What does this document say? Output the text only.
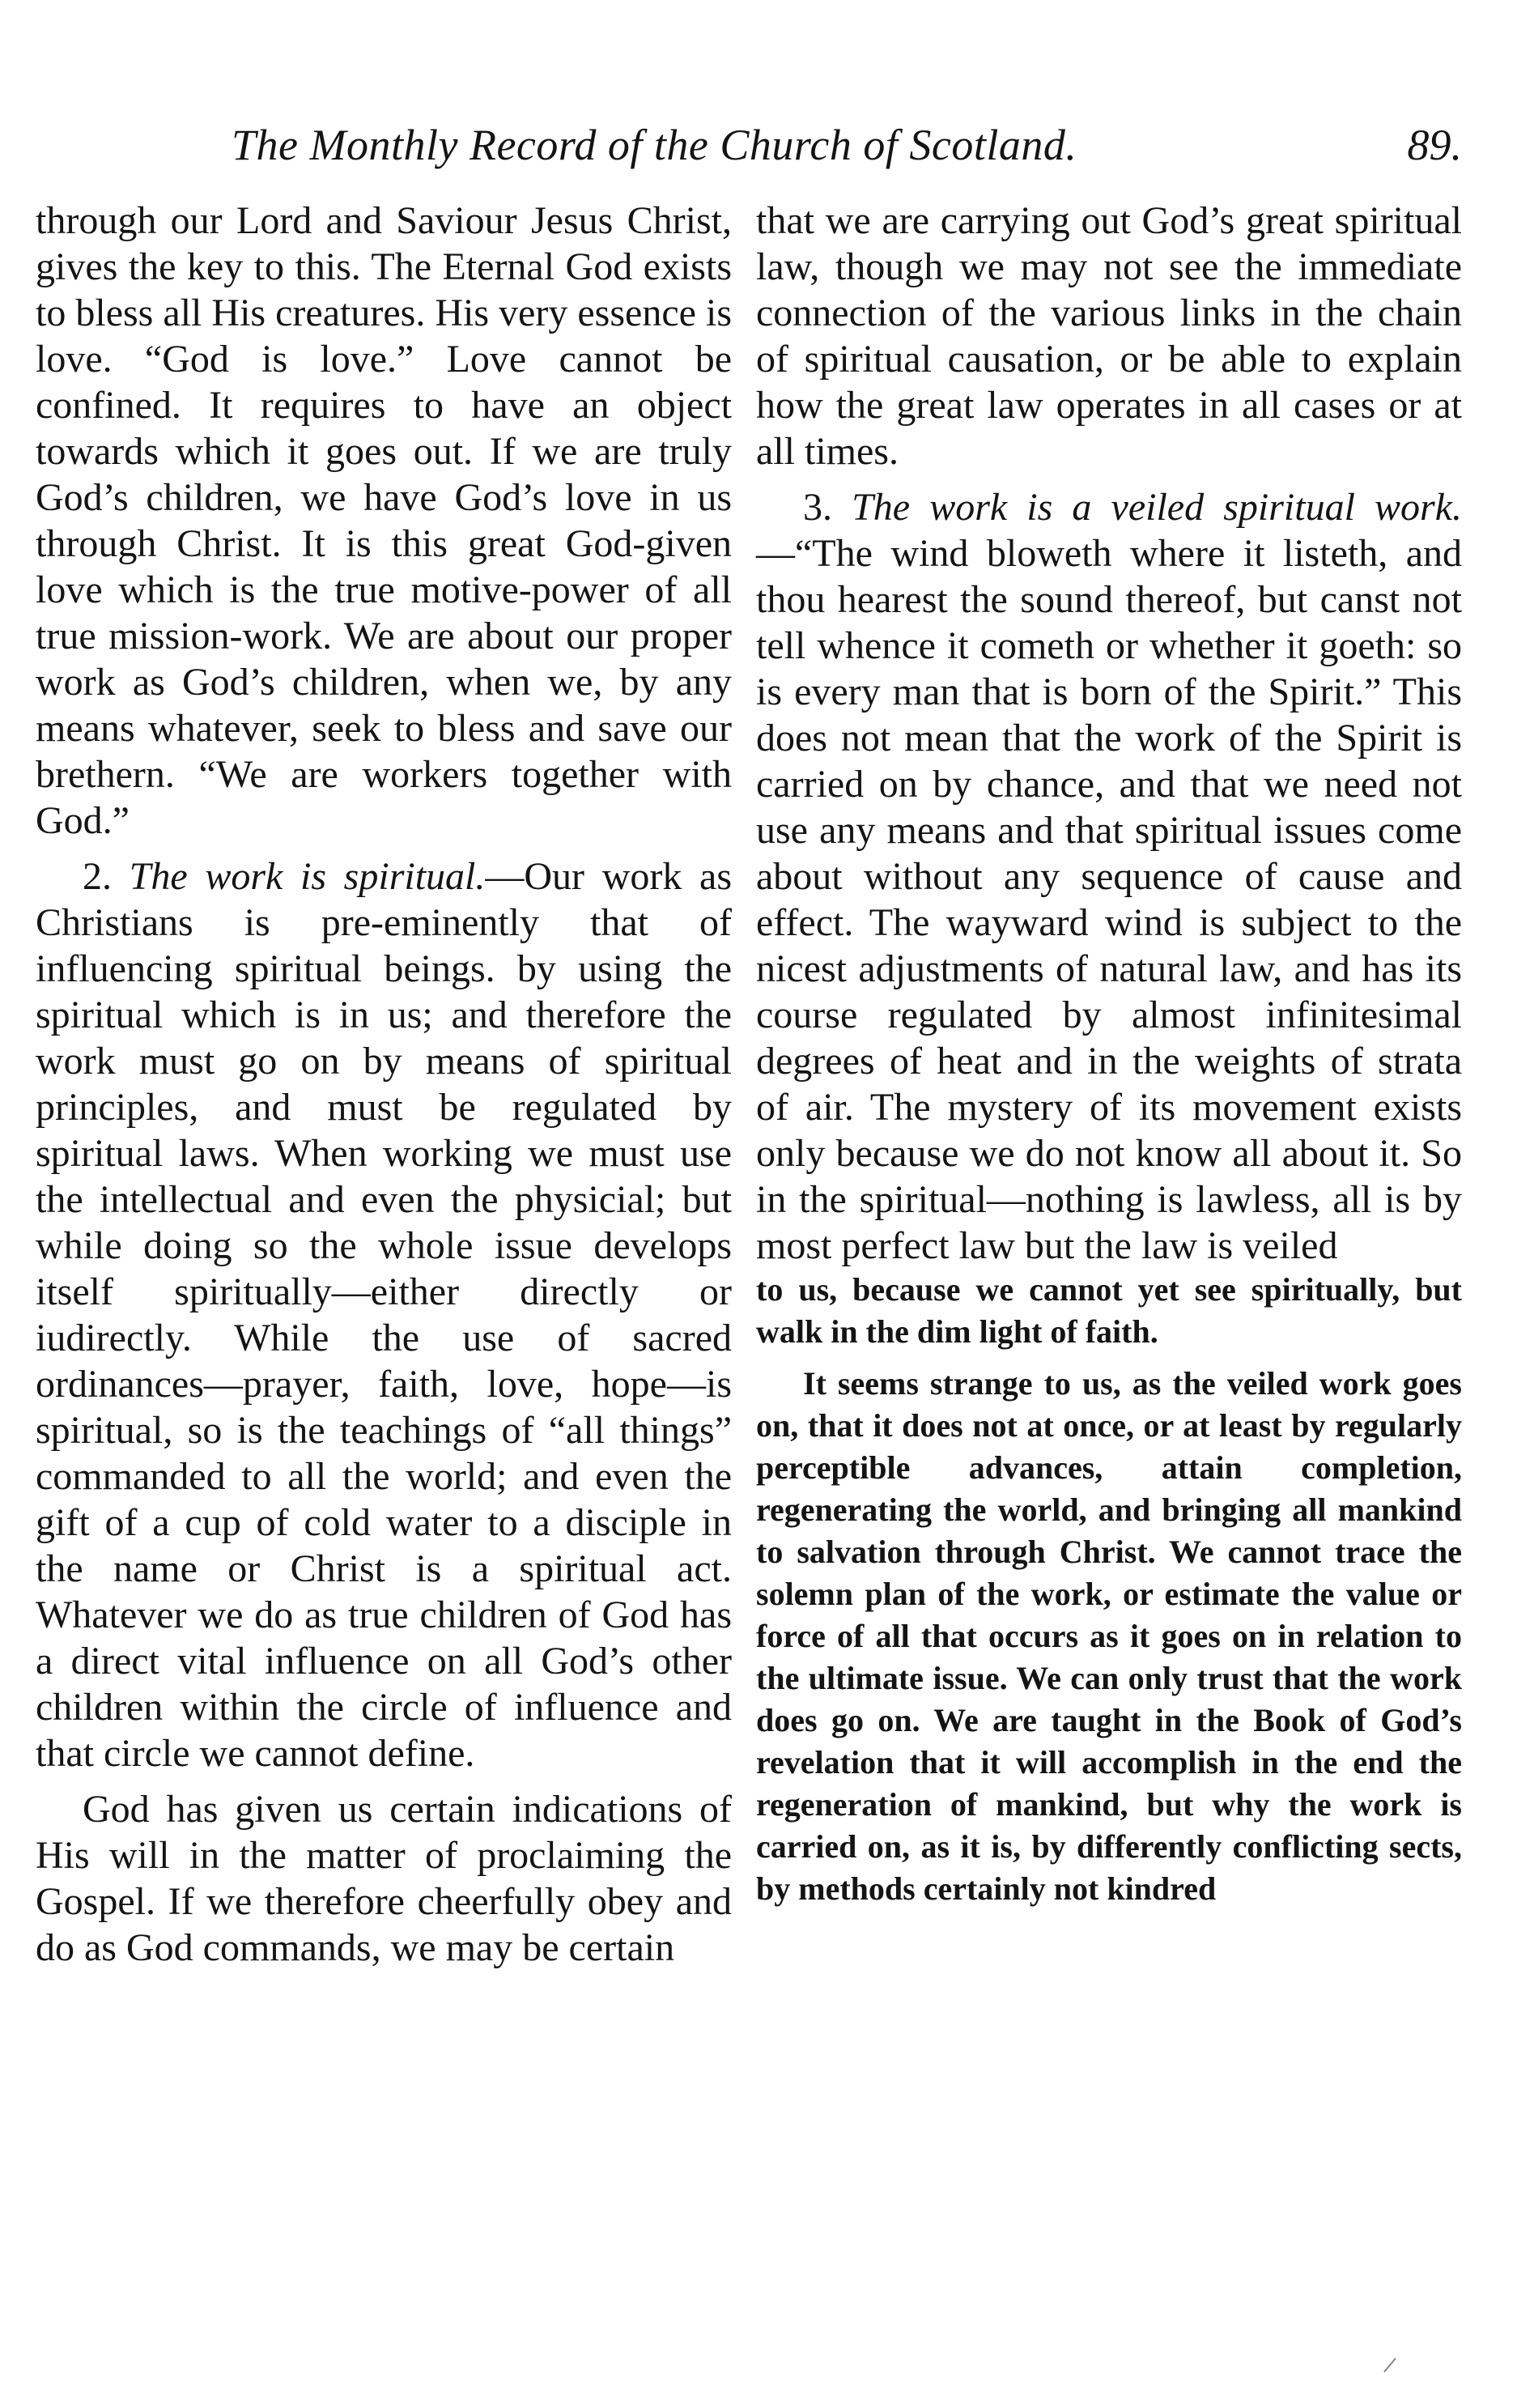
The Monthly Record of the Church of Scotland.	89.

through our Lord and Saviour Jesus Christ, gives the key to this. The Eternal God exists to bless all His creatures. His very essence is love. “God is love.” Love cannot be confined. It requires to have an object towards which it goes out. If we are truly God’s children, we have God’s love in us through Christ. It is this great God-given love which is the true motive-power of all true mission-work. We are about our proper work as God’s children, when we, by any means whatever, seek to bless and save our brethern. “We are workers together with God.”

2. The work is spiritual.—Our work as Christians is pre-eminently that of influencing spiritual beings. by using the spiritual which is in us; and therefore the work must go on by means of spiritual principles, and must be regulated by spiritual laws. When working we must use the intellectual and even the physicial; but while doing so the whole issue develops itself spiritually—either directly or iudirectly. While the use of sacred ordinances—prayer, faith, love, hope—is spiritual, so is the teachings of “all things” commanded to all the world; and even the gift of a cup of cold water to a disciple in the name or Christ is a spiritual act. Whatever we do as true children of God has a direct vital influence on all God’s other children within the circle of influence and that circle we cannot define.

God has given us certain indications of His will in the matter of proclaiming the Gospel. If we therefore cheerfully obey and do as God commands, we may be certain

that we are carrying out God’s great spiritual law, though we may not see the immediate connection of the various links in the chain of spiritual causation, or be able to explain how the great law operates in all cases or at all times.

3. The work is a veiled spiritual work.—“The wind bloweth where it listeth, and thou hearest the sound thereof, but canst not tell whence it cometh or whether it goeth: so is every man that is born of the Spirit.” This does not mean that the work of the Spirit is carried on by chance, and that we need not use any means and that spiritual issues come about without any sequence of cause and effect. The wayward wind is subject to the nicest adjustments of natural law, and has its course regulated by almost infinitesimal degrees of heat and in the weights of strata of air. The mystery of its movement exists only because we do not know all about it. So in the spiritual—nothing is lawless, all is by most perfect law but the law is veiled

to us, because we cannot yet see spiritually, but walk in the dim light of faith.

It seems strange to us, as the veiled work goes on, that it does not at once, or at least by regularly perceptible advances, attain completion, regenerating the world, and bringing all mankind to salvation through Christ. We cannot trace the solemn plan of the work, or estimate the value or force of all that occurs as it goes on in relation to the ultimate issue. We can only trust that the work does go on. We are taught in the Book of God’s revelation that it will accomplish in the end the regeneration of mankind, but why the work is carried on, as it is, by differently conflicting sects, by methods certainly not kindred
